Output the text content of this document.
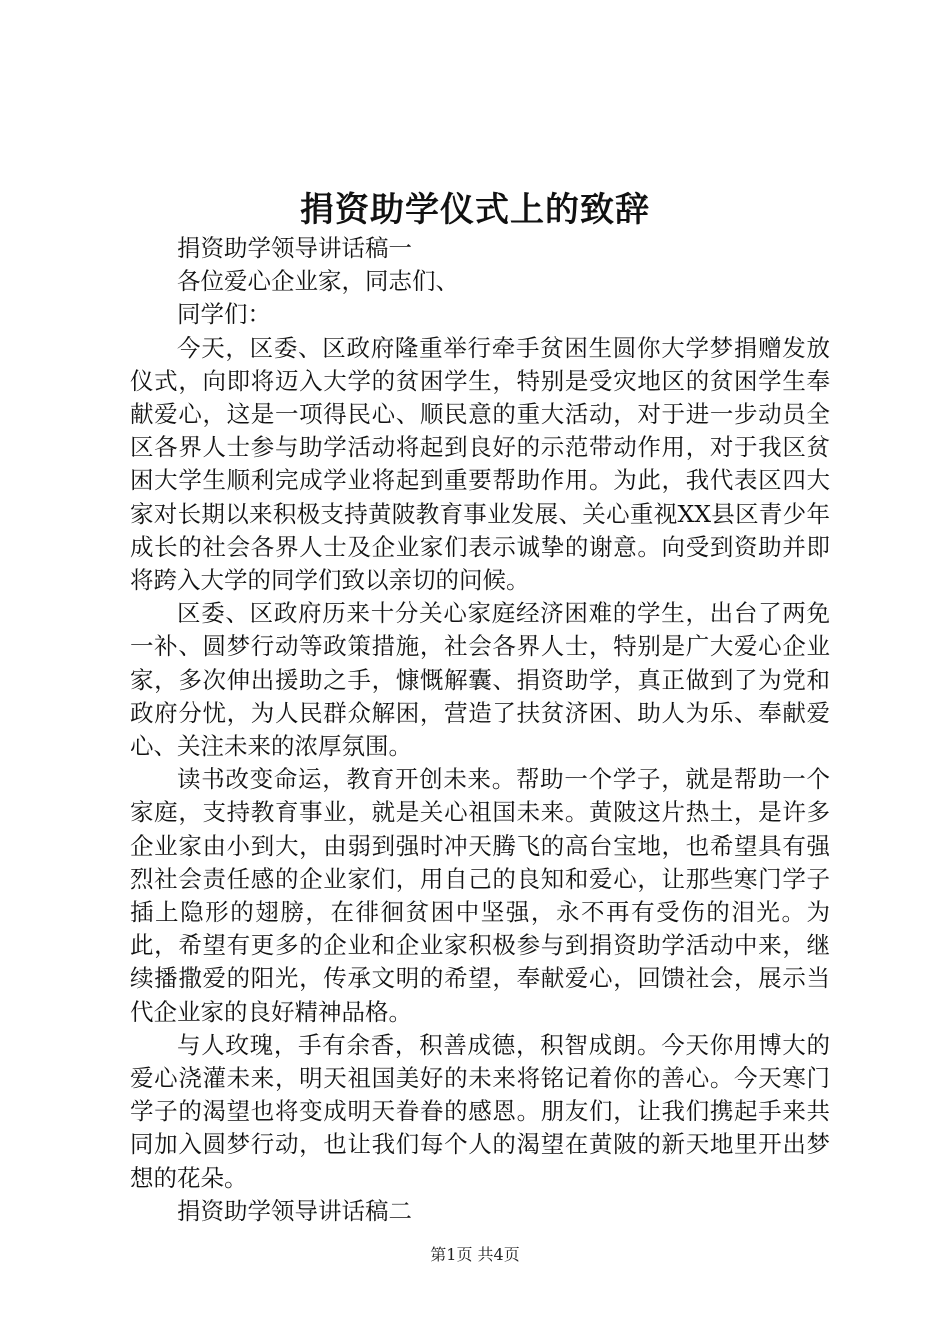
捐资助学仪式上的致辞

捐资助学领导讲话稿一

各位爱心企业家，同志们、

同学们：

今天，区委、区政府隆重举行牵手贫困生圆你大学梦捐赠发放仪式，向即将迈入大学的贫困学生，特别是受灾地区的贫困学生奉献爱心，这是一项得民心、顺民意的重大活动，对于进一步动员全区各界人士参与助学活动将起到良好的示范带动作用，对于我区贫困大学生顺利完成学业将起到重要帮助作用。为此，我代表区四大家对长期以来积极支持黄陂教育事业发展、关心重视XX县区青少年成长的社会各界人士及企业家们表示诚挚的谢意。向受到资助并即将跨入大学的同学们致以亲切的问候。

区委、区政府历来十分关心家庭经济困难的学生，出台了两免一补、圆梦行动等政策措施，社会各界人士，特别是广大爱心企业家，多次伸出援助之手，慷慨解囊、捐资助学，真正做到了为党和政府分忧，为人民群众解困，营造了扶贫济困、助人为乐、奉献爱心、关注未来的浓厚氛围。

读书改变命运，教育开创未来。帮助一个学子，就是帮助一个家庭，支持教育事业，就是关心祖国未来。黄陂这片热土，是许多企业家由小到大，由弱到强时冲天腾飞的高台宝地，也希望具有强烈社会责任感的企业家们，用自己的良知和爱心，让那些寒门学子插上隐形的翅膀，在徘徊贫困中坚强，永不再有受伤的泪光。为此，希望有更多的企业和企业家积极参与到捐资助学活动中来，继续播撒爱的阳光，传承文明的希望，奉献爱心，回馈社会，展示当代企业家的良好精神品格。

与人玫瑰，手有余香，积善成德，积智成朗。今天你用博大的爱心浇灌未来，明天祖国美好的未来将铭记着你的善心。今天寒门学子的渴望也将变成明天眷眷的感恩。朋友们，让我们携起手来共同加入圆梦行动，也让我们每个人的渴望在黄陂的新天地里开出梦想的花朵。

捐资助学领导讲话稿二

第1页 共4页
